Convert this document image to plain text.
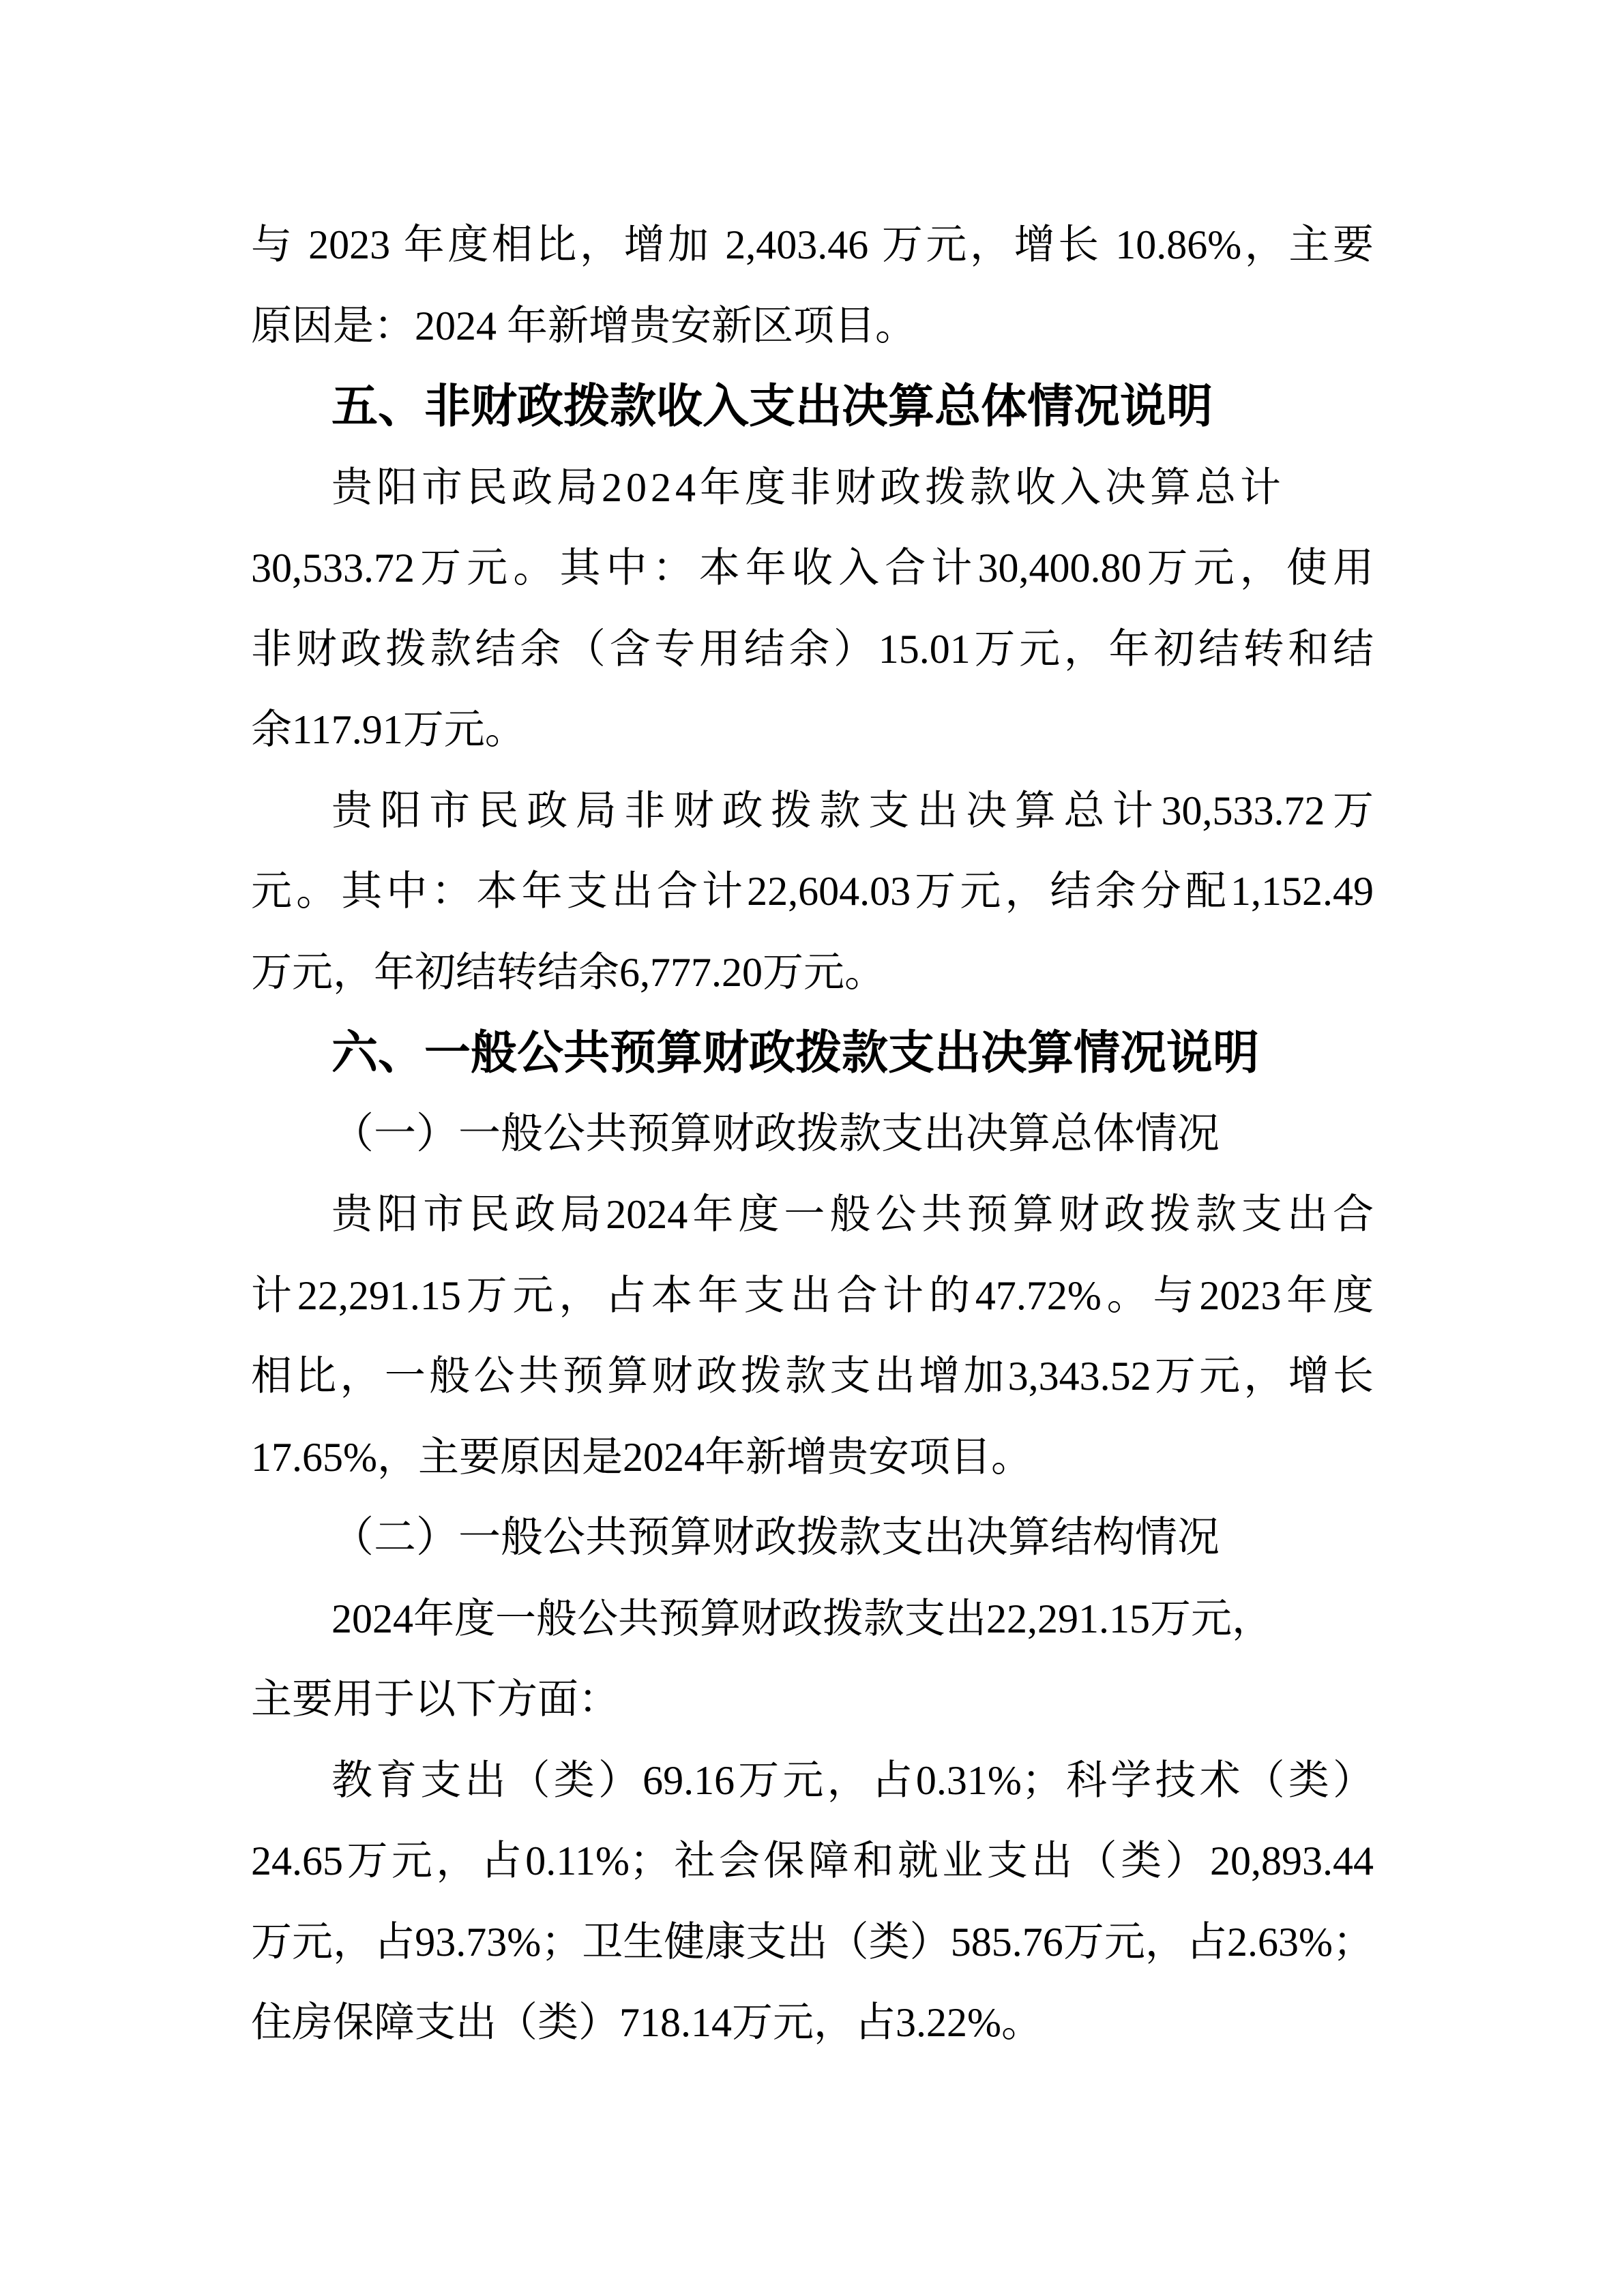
与 2023 年度相比，增加 2,403.46 万元，增长 10.86%，主要
原因是：2024 年新增贵安新区项目。
五、非财政拨款收入支出决算总体情况说明
贵阳市民政局2024年度非财政拨款收入决算总计
30,533.72万元。其中：本年收入合计30,400.80万元，使用
非财政拨款结余（含专用结余）15.01万元，年初结转和结
余117.91万元。
贵阳市民政局非财政拨款支出决算总计30,533.72万
元。其中：本年支出合计22,604.03万元，结余分配1,152.49
万元，年初结转结余6,777.20万元。
六、一般公共预算财政拨款支出决算情况说明
（一）一般公共预算财政拨款支出决算总体情况
贵阳市民政局2024年度一般公共预算财政拨款支出合
计22,291.15万元，占本年支出合计的47.72%。与2023年度
相比，一般公共预算财政拨款支出增加3,343.52万元，增长
17.65%，主要原因是2024年新增贵安项目。
（二）一般公共预算财政拨款支出决算结构情况
2024年度一般公共预算财政拨款支出22,291.15万元，
主要用于以下方面：
教育支出（类）69.16万元，占0.31%；科学技术（类）
24.65万元，占0.11%；社会保障和就业支出（类）20,893.44
万元，占93.73%；卫生健康支出（类）585.76万元，占2.63%；
住房保障支出（类）718.14万元，占3.22%。
